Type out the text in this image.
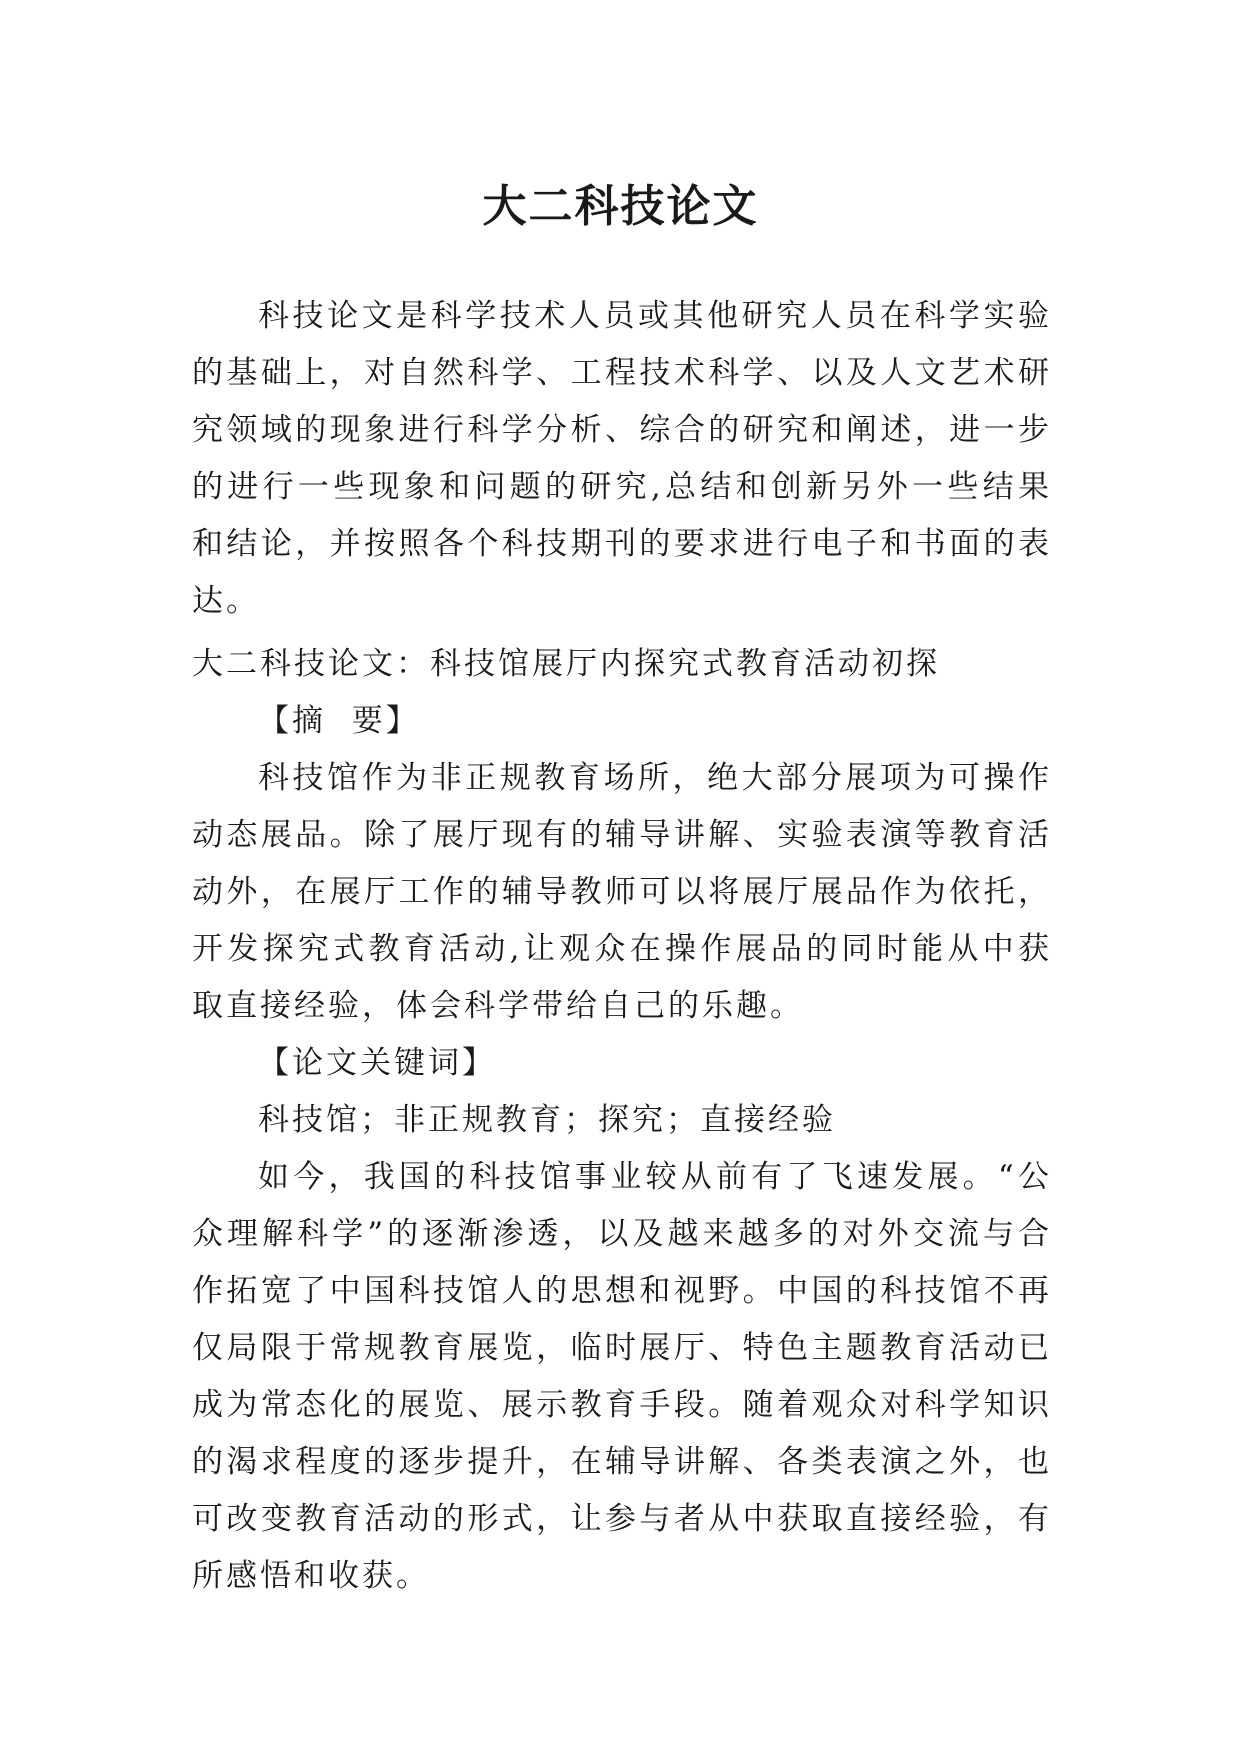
大二科技论文

科技论文是科学技术人员或其他研究人员在科学实验的基础上，对自然科学、工程技术科学、以及人文艺术研究领域的现象进行科学分析、综合的研究和阐述，进一步的进行一些现象和问题的研究,总结和创新另外一些结果和结论，并按照各个科技期刊的要求进行电子和书面的表达。

大二科技论文：科技馆展厅内探究式教育活动初探

【摘  要】

科技馆作为非正规教育场所，绝大部分展项为可操作动态展品。除了展厅现有的辅导讲解、实验表演等教育活动外，在展厅工作的辅导教师可以将展厅展品作为依托，开发探究式教育活动,让观众在操作展品的同时能从中获取直接经验，体会科学带给自己的乐趣。

【论文关键词】

科技馆；非正规教育；探究；直接经验

如今，我国的科技馆事业较从前有了飞速发展。“公众理解科学”的逐渐渗透，以及越来越多的对外交流与合作拓宽了中国科技馆人的思想和视野。中国的科技馆不再仅局限于常规教育展览，临时展厅、特色主题教育活动已成为常态化的展览、展示教育手段。随着观众对科学知识的渴求程度的逐步提升，在辅导讲解、各类表演之外，也可改变教育活动的形式，让参与者从中获取直接经验，有所感悟和收获。
